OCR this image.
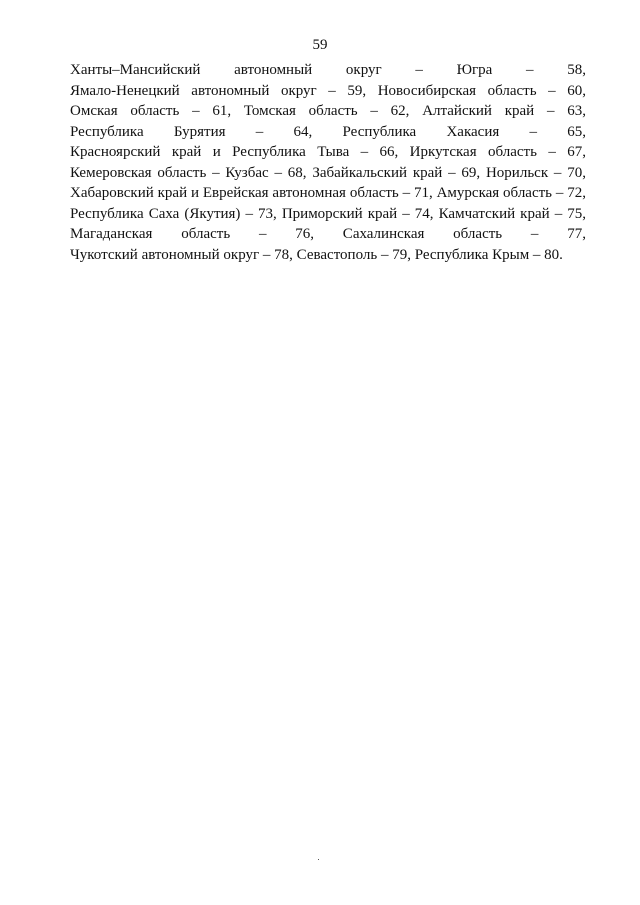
59
Ханты–Мансийский автономный округ – Югра – 58,
Ямало-Ненецкий автономный округ – 59, Новосибирская область – 60,
Омская область – 61, Томская область – 62, Алтайский край – 63,
Республика Бурятия – 64, Республика Хакасия – 65,
Красноярский край и Республика Тыва – 66, Иркутская область – 67,
Кемеровская область – Кузбас – 68, Забайкальский край – 69, Норильск – 70,
Хабаровский край и Еврейская автономная область – 71, Амурская область – 72,
Республика Саха (Якутия) – 73, Приморский край – 74, Камчатский край – 75,
Магаданская область – 76, Сахалинская область – 77,
Чукотский автономный округ – 78, Севастополь – 79, Республика Крым – 80.
